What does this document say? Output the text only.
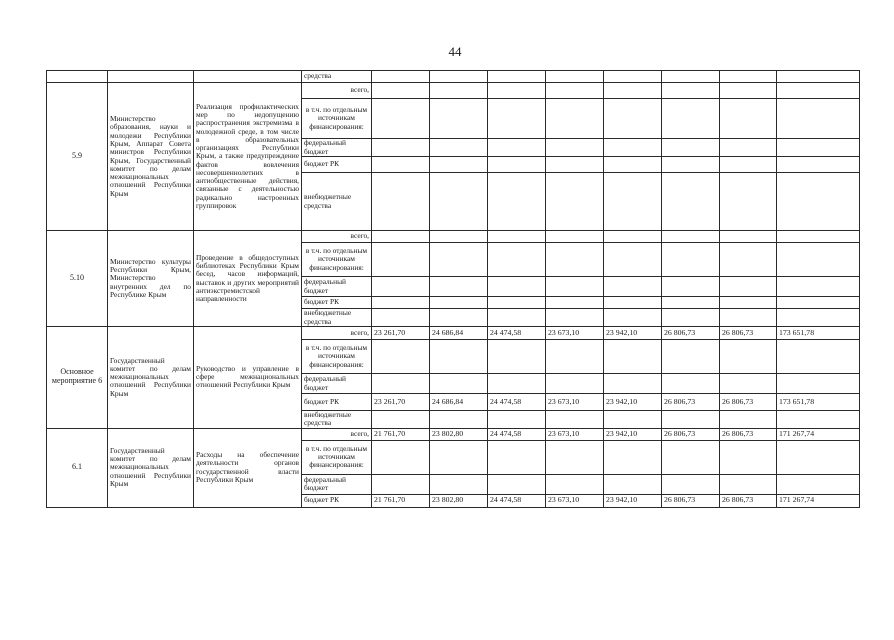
44
			средства								
5.9	Министерство образования, науки и молодежи Республики Крым, Аппарат Совета министров Республики Крым, Государственный комитет по делам межнациональных отношений Республики Крым	Реализация профилактических мер по недопущению распространения экстремизма в молодежной среде, в том числе в образовательных организациях Республики Крым, а также предупреждение фактов вовлечения несовершеннолетних в антиобщественные действия, связанные с деятельностью радикально настроенных группировок	всего,								
			в т.ч. по отдельным источникам финансирования:								
			федеральный бюджет								
			бюджет РК								
			внебюджетные средства								
5.10	Министерство культуры Республики Крым, Министерство внутренних дел по Республике Крым	Проведение в общедоступных библиотеках Республики Крым бесед, часов информаций, выставок и других мероприятий антиэкстремистской направленности	всего,								
			в т.ч. по отдельным источникам финансирования:								
			федеральный бюджет								
			бюджет РК								
			внебюджетные средства								
Основное мероприятие 6	Государственный комитет по делам межнациональных отношений Республики Крым	Руководство и управление в сфере межнациональных отношений Республики Крым	всего,	23 261,70	24 686,84	24 474,58	23 673,10	23 942,10	26 806,73	26 806,73	173 651,78
			в т.ч. по отдельным источникам финансирования:								
			федеральный бюджет								
			бюджет РК	23 261,70	24 686,84	24 474,58	23 673,10	23 942,10	26 806,73	26 806,73	173 651,78
			внебюджетные средства								
6.1	Государственный комитет по делам межнациональных отношений Республики Крым	Расходы на обеспечение деятельности органов государственной власти Республики Крым	всего,	21 761,70	23 802,80	24 474,58	23 673,10	23 942,10	26 806,73	26 806,73	171 267,74
			в т.ч. по отдельным источникам финансирования:								
			федеральный бюджет								
			бюджет РК	21 761,70	23 802,80	24 474,58	23 673,10	23 942,10	26 806,73	26 806,73	171 267,74
